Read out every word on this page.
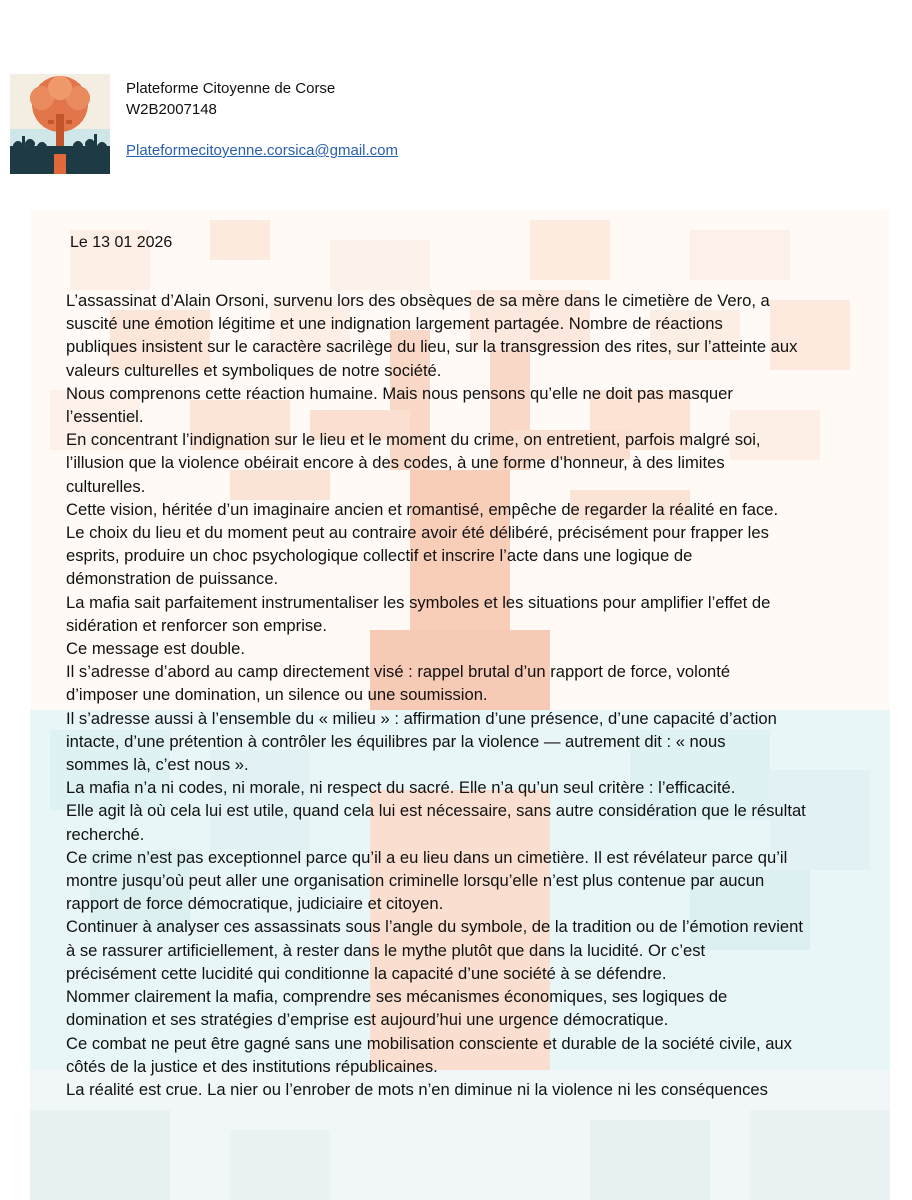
Plateforme Citoyenne de Corse
W2B2007148
Plateformecitoyenne.corsica@gmail.com
Le 13 01 2026

L’assassinat d’Alain Orsoni, survenu lors des obsèques de sa mère dans le cimetière de Vero, a

suscité une émotion légitime et une indignation largement partagée. Nombre de réactions

publiques insistent sur le caractère sacrilège du lieu, sur la transgression des rites, sur l’atteinte aux

valeurs culturelles et symboliques de notre société.

Nous comprenons cette réaction humaine. Mais nous pensons qu’elle ne doit pas masquer

l’essentiel.

En concentrant l’indignation sur le lieu et le moment du crime, on entretient, parfois malgré soi,

l’illusion que la violence obéirait encore à des codes, à une forme d’honneur, à des limites

culturelles.

Cette vision, héritée d’un imaginaire ancien et romantisé, empêche de regarder la réalité en face.

Le choix du lieu et du moment peut au contraire avoir été délibéré, précisément pour frapper les

esprits, produire un choc psychologique collectif et inscrire l’acte dans une logique de

démonstration de puissance.

La mafia sait parfaitement instrumentaliser les symboles et les situations pour amplifier l’effet de

sidération et renforcer son emprise.

Ce message est double.

Il s’adresse d’abord au camp directement visé : rappel brutal d’un rapport de force, volonté

d’imposer une domination, un silence ou une soumission.

Il s’adresse aussi à l’ensemble du « milieu » : affirmation d’une présence, d’une capacité d’action

intacte, d’une prétention à contrôler les équilibres par la violence — autrement dit : « nous

sommes là, c’est nous ».

La mafia n’a ni codes, ni morale, ni respect du sacré. Elle n’a qu’un seul critère : l’efficacité.

Elle agit là où cela lui est utile, quand cela lui est nécessaire, sans autre considération que le résultat

recherché.

Ce crime n’est pas exceptionnel parce qu’il a eu lieu dans un cimetière. Il est révélateur parce qu’il

montre jusqu’où peut aller une organisation criminelle lorsqu’elle n’est plus contenue par aucun

rapport de force démocratique, judiciaire et citoyen.

Continuer à analyser ces assassinats sous l’angle du symbole, de la tradition ou de l’émotion revient

à se rassurer artificiellement, à rester dans le mythe plutôt que dans la lucidité. Or c’est

précisément cette lucidité qui conditionne la capacité d’une société à se défendre.

Nommer clairement la mafia, comprendre ses mécanismes économiques, ses logiques de

domination et ses stratégies d’emprise est aujourd’hui une urgence démocratique.

Ce combat ne peut être gagné sans une mobilisation consciente et durable de la société civile, aux

côtés de la justice et des institutions républicaines.

La réalité est crue. La nier ou l’enrober de mots n’en diminue ni la violence ni les conséquences
